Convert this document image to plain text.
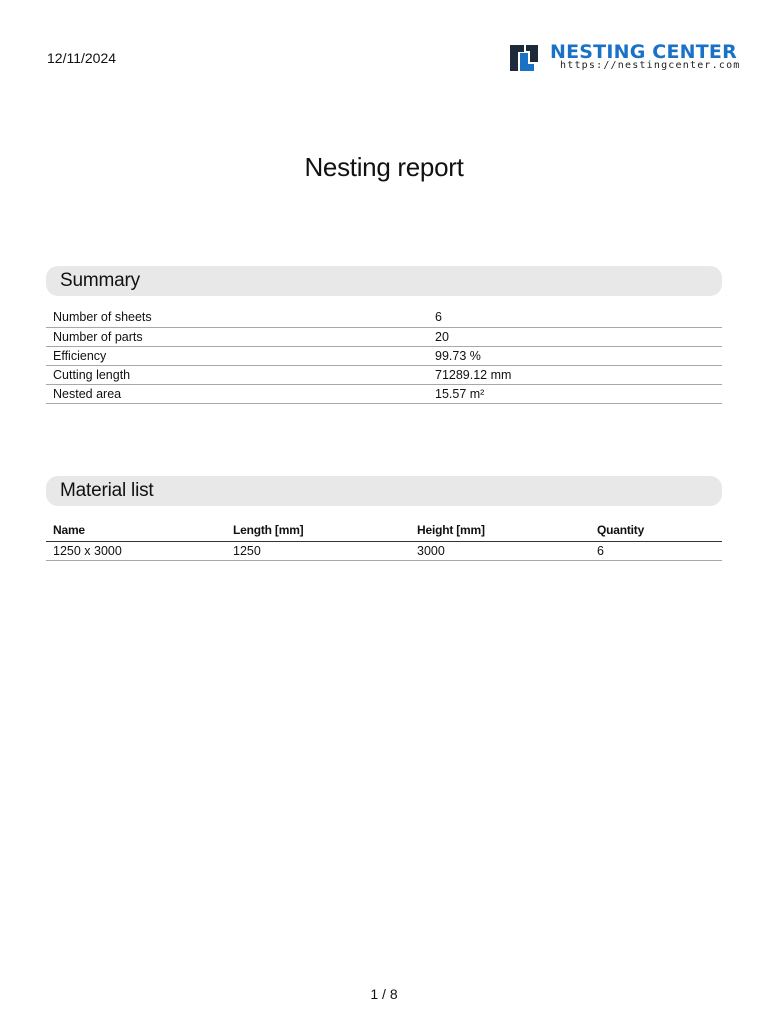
12/11/2024	NESTING CENTER
https://nestingcenter.com
Nesting report
Summary
Number of sheets	6
Number of parts	20
Efficiency	99.73 %
Cutting length	71289.12 mm
Nested area	15.57 m²
Material list
Name	Length [mm]	Height [mm]	Quantity
1250 x 3000	1250	3000	6
1 / 8
